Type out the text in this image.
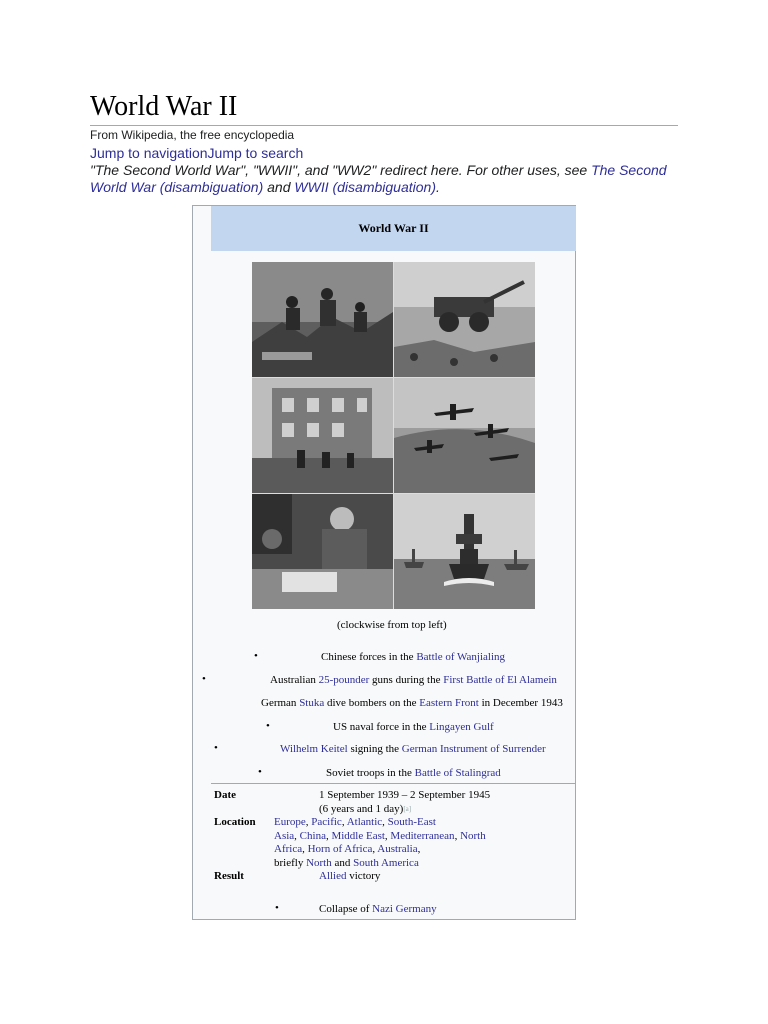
World War II
From Wikipedia, the free encyclopedia
Jump to navigationJump to search
"The Second World War", "WWII", and "WW2" redirect here. For other uses, see The Second World War (disambiguation) and WWII (disambiguation).
World War II
(clockwise from top left)
•	Chinese forces in the Battle of Wanjialing
•	Australian 25-pounder guns during the First Battle of El Alamein
German Stuka dive bombers on the Eastern Front in December 1943
•	US naval force in the Lingayen Gulf
•	Wilhelm Keitel signing the German Instrument of Surrender
•	Soviet troops in the Battle of Stalingrad
Date	1 September 1939 – 2 September 1945
(6 years and 1 day)[a]
Location Europe, Pacific, Atlantic, South-East
Asia, China, Middle East, Mediterranean, North
Africa, Horn of Africa, Australia,
briefly North and South America
Result	Allied victory
•	Collapse of Nazi Germany
